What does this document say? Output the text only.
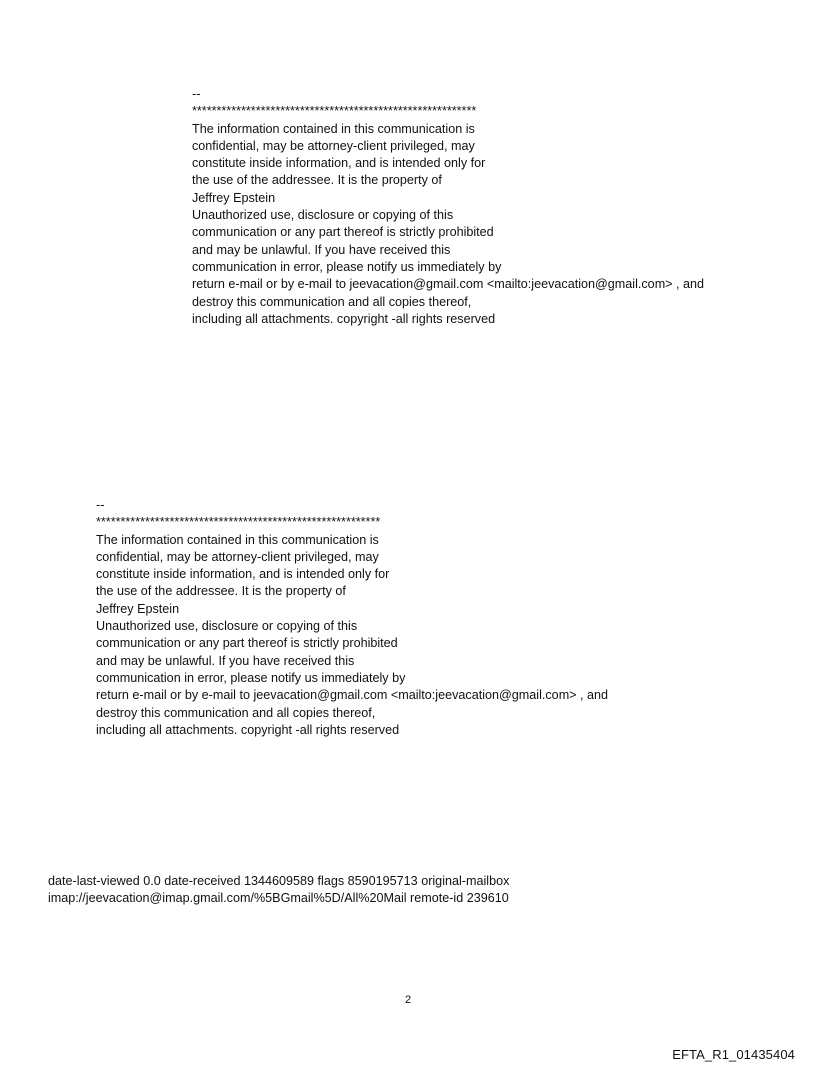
--
**********************************************************
The information contained in this communication is
confidential, may be attorney-client privileged, may
constitute inside information, and is intended only for
the use of the addressee. It is the property of
Jeffrey Epstein
Unauthorized use, disclosure or copying of this
communication or any part thereof is strictly prohibited
and may be unlawful. If you have received this
communication in error, please notify us immediately by
return e-mail or by e-mail to jeevacation@gmail.com <mailto:jeevacation@gmail.com> , and
destroy this communication and all copies thereof,
including all attachments. copyright -all rights reserved
--
**********************************************************
The information contained in this communication is
confidential, may be attorney-client privileged, may
constitute inside information, and is intended only for
the use of the addressee. It is the property of
Jeffrey Epstein
Unauthorized use, disclosure or copying of this
communication or any part thereof is strictly prohibited
and may be unlawful. If you have received this
communication in error, please notify us immediately by
return e-mail or by e-mail to jeevacation@gmail.com <mailto:jeevacation@gmail.com> , and
destroy this communication and all copies thereof,
including all attachments. copyright -all rights reserved
date-last-viewed 0.0 date-received 1344609589 flags 8590195713 original-mailbox
imap://jeevacation@imap.gmail.com/%5BGmail%5D/All%20Mail remote-id 239610
2
EFTA_R1_01435404
